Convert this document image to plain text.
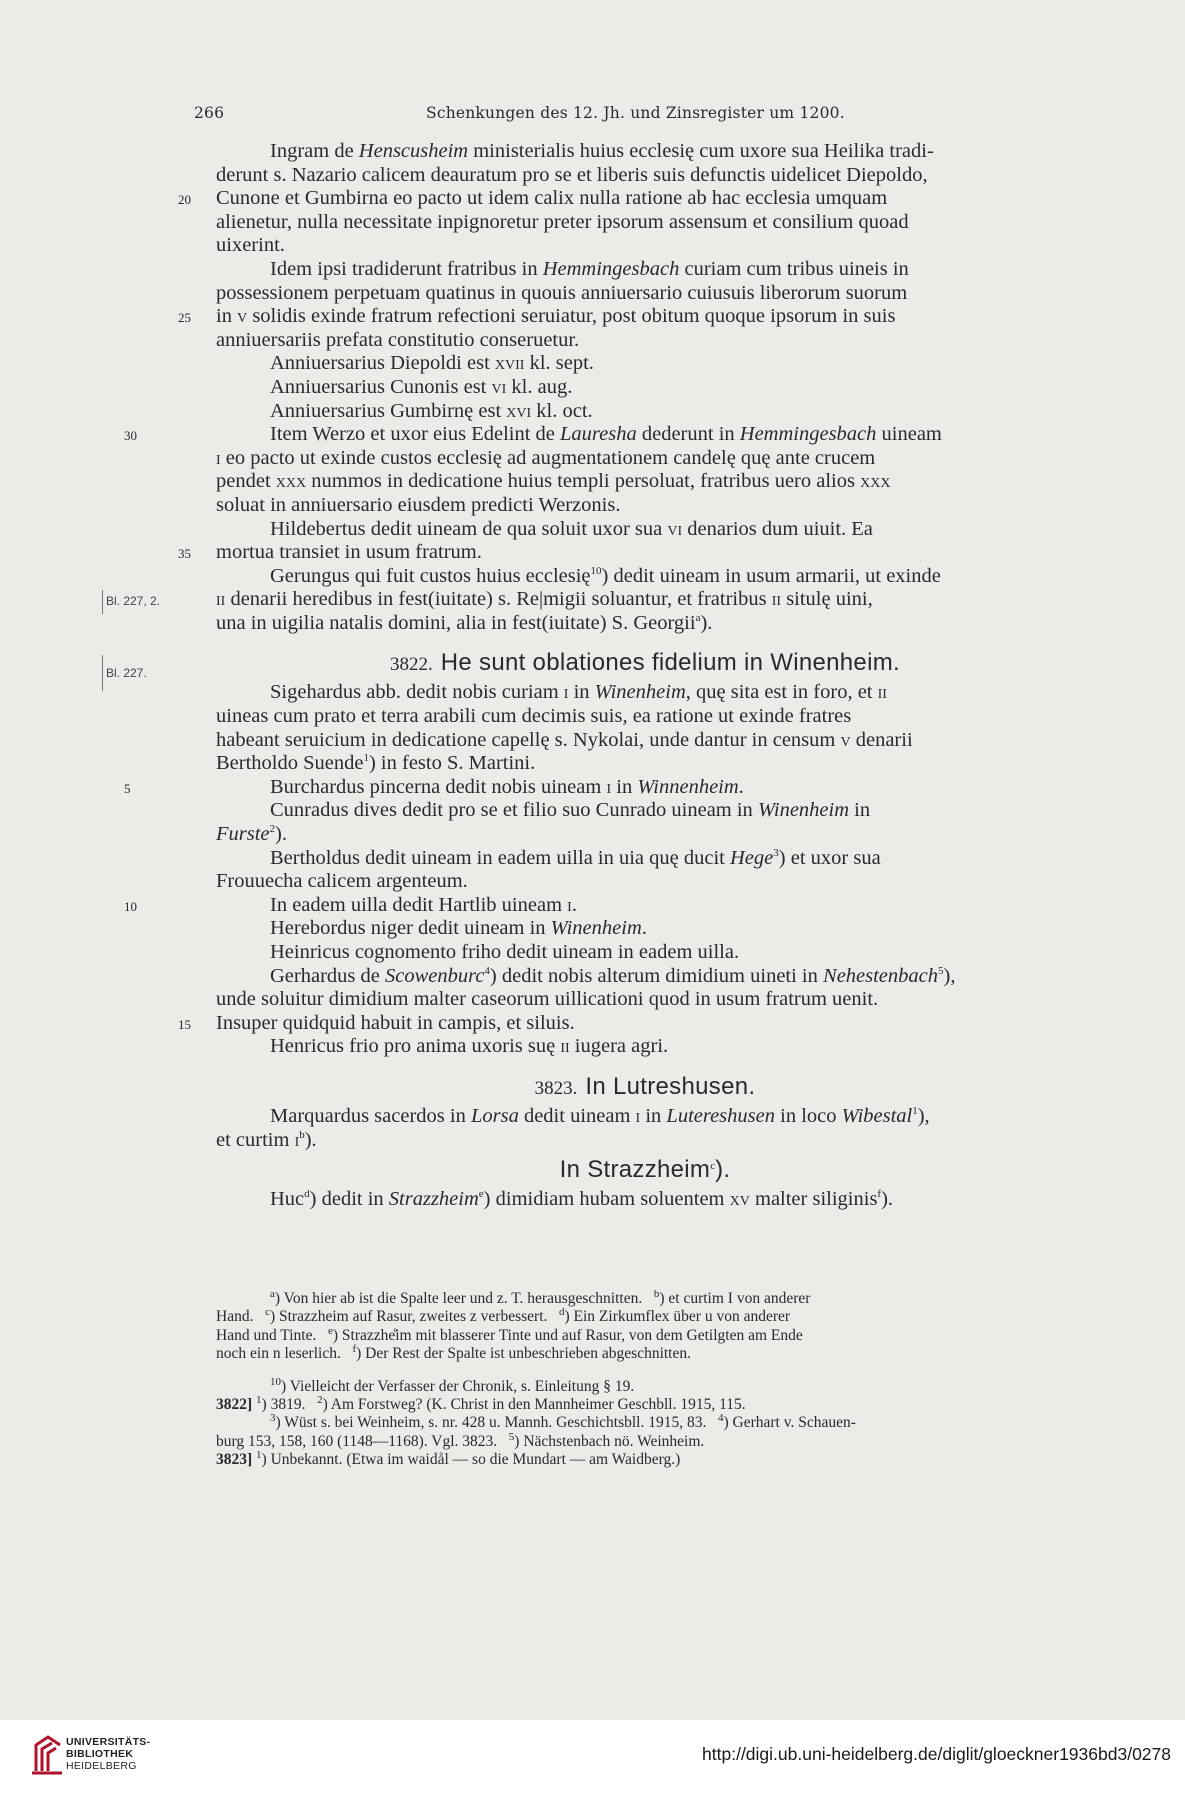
266	Schenkungen des 12. Jh. und Zinsregister um 1200.
Ingram de Henscusheim ministerialis huius ecclesię cum uxore sua Heilika tradi-
derunt s. Nazario calicem deauratum pro se et liberis suis defunctis uidelicet Diepoldo,
20 Cunone et Gumbirna eo pacto ut idem calix nulla ratione ab hac ecclesia umquam
alienetur, nulla necessitate inpignoretur preter ipsorum assensum et consilium quoad
uixerint.
Idem ipsi tradiderunt fratribus in Hemmingesbach curiam cum tribus uineis in
possessionem perpetuam quatinus in quouis anniuersario cuiusuis liberorum suorum
25 in v solidis exinde fratrum refectioni seruiatur, post obitum quoque ipsorum in suis
anniuersariis prefata constitutio conseruetur.
Anniuersarius Diepoldi est xvii kl. sept.
Anniuersarius Cunonis est vi kl. aug.
Anniuersarius Gumbirnę est xvi kl. oct.
30	Item Werzo et uxor eius Edelint de Lauresha dederunt in Hemmingesbach uineam
i eo pacto ut exinde custos ecclesię ad augmentationem candelę quę ante crucem
pendet xxx nummos in dedicatione huius templi persoluat, fratribus uero alios xxx
soluat in anniuersario eiusdem predicti Werzonis.
Hildebertus dedit uineam de qua soluit uxor sua vi denarios dum uiuit. Ea
35 mortua transiet in usum fratrum.
Gerungus qui fuit custos huius ecclesię$^{10}$) dedit uineam in usum armarii, ut exinde
Bl. 227, 2.	ii denarii heredibus in fest(iuitate) s. Re|migii soluantur, et fratribus ii situlę uini,
una in uigilia natalis domini, alia in fest(iuitate) S. Georgii$^a$).
Bl. 227.	3822. He sunt oblationes fidelium in Winenheim.
Sigehardus abb. dedit nobis curiam i in Winenheim, quę sita est in foro, et ii
uineas cum prato et terra arabili cum decimis suis, ea ratione ut exinde fratres
habeant seruicium in dedicatione capellę s. Nykolai, unde dantur in censum v denarii
Bertholdo Suende$^1$) in festo S. Martini.
5	Burchardus pincerna dedit nobis uineam i in Winnenheim.
Cunradus dives dedit pro se et filio suo Cunrado uineam in Winenheim in
Furste$^2$).
Bertholdus dedit uineam in eadem uilla in uia quę ducit Hege$^3$) et uxor sua
Frouuecha calicem argenteum.
10	In eadem uilla dedit Hartlib uineam i.
Herebordus niger dedit uineam in Winenheim.
Heinricus cognomento friho dedit uineam in eadem uilla.
Gerhardus de Scowenburc$^4$) dedit nobis alterum dimidium uineti in Nehestenbach$^5$),
unde soluitur dimidium malter caseorum uillicationi quod in usum fratrum uenit.
15 Insuper quidquid habuit in campis, et siluis.
Henricus frio pro anima uxoris suę ii iugera agri.
3823. In Lutreshusen.
Marquardus sacerdos in Lorsa dedit uineam i in Lutereshusen in loco Wibestal$^1$),
et curtim $i^b$).
In Strazzheim$^c$).
Huc$^d$) dedit in Strazzheim$^e$) dimidiam hubam soluentem xv malter siliginis$^f$).
$^a$) Von hier ab ist die Spalte leer und z. T. herausgeschnitten.   $^b$) et curtim I von anderer
Hand.   $^c$) Strazzheim auf Rasur, zweites z verbessert.   $^d$) Ein Zirkumflex über u von anderer
Hand und Tinte.   $^e$) Strazzhe̊im mit blasserer Tinte und auf Rasur, von dem Getilgten am Ende
noch ein n leserlich.   $^f$) Der Rest der Spalte ist unbeschrieben abgeschnitten.
$^{10}$) Vielleicht der Verfasser der Chronik, s. Einleitung § 19.
3822] $^1$) 3819.   $^2$) Am Forstweg? (K. Christ in den Mannheimer Geschbll. 1915, 115.
$^3$) Wüst s. bei Weinheim, s. nr. 428 u. Mannh. Geschichtsbll. 1915, 83.   $^4$) Gerhart v. Schauen-
burg 153, 158, 160 (1148—1168). Vgl. 3823.   $^5$) Nächstenbach nö. Weinheim.
3823] $^1$) Unbekannt. (Etwa im waidål — so die Mundart — am Waidberg.)
UNIVERSITÄTS-
BIBLIOTHEK
HEIDELBERG
http://digi.ub.uni-heidelberg.de/diglit/gloeckner1936bd3/0278
